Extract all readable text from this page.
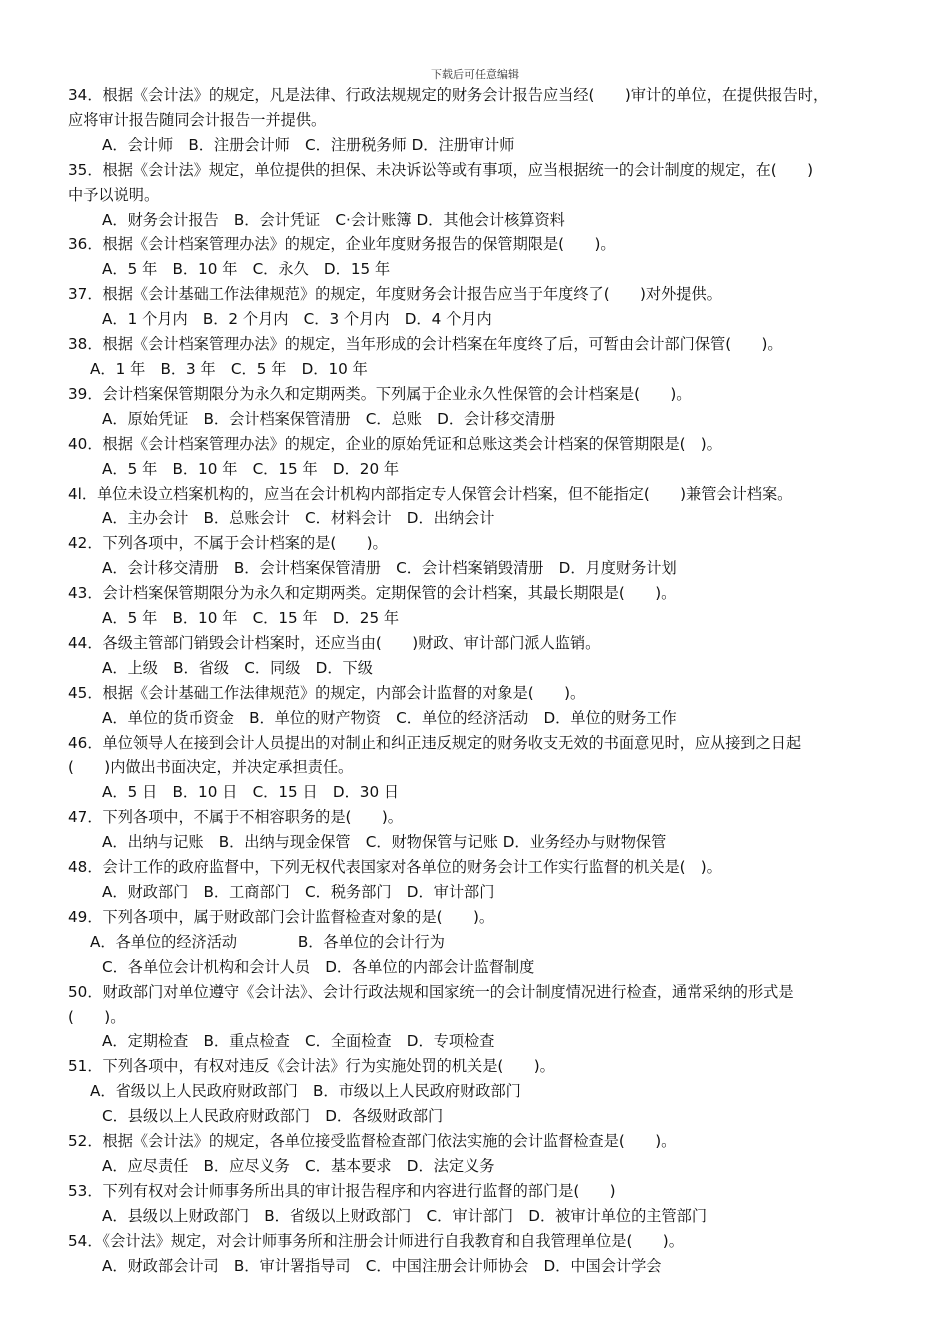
下载后可任意编辑
34．根据《会计法》的规定，凡是法律、行政法规规定的财务会计报告应当经(　　)审计的单位，在提供报告时，
应将审计报告随同会计报告一并提供。
A．会计师　B．注册会计师　C．注册税务师 D．注册审计师
35．根据《会计法》规定，单位提供的担保、未决诉讼等或有事项，应当根据统一的会计制度的规定，在(　　)
中予以说明。
A．财务会计报告　B．会计凭证　C·会计账簿 D．其他会计核算资料
36．根据《会计档案管理办法》的规定，企业年度财务报告的保管期限是(　　)。
A．5 年　B．10 年　C．永久　D．15 年
37．根据《会计基础工作法律规范》的规定，年度财务会计报告应当于年度终了(　　)对外提供。
A．1 个月内　B．2 个月内　C．3 个月内　D．4 个月内
38．根据《会计档案管理办法》的规定，当年形成的会计档案在年度终了后，可暂由会计部门保管(　　)。
A．1 年　B．3 年　C．5 年　D．10 年
39．会计档案保管期限分为永久和定期两类。下列属于企业永久性保管的会计档案是(　　)。
A．原始凭证　B．会计档案保管清册　C．总账　D．会计移交清册
40．根据《会计档案管理办法》的规定，企业的原始凭证和总账这类会计档案的保管期限是(　)。
A．5 年　B．10 年　C．15 年　D．20 年
4l．单位未设立档案机构的，应当在会计机构内部指定专人保管会计档案，但不能指定(　　)兼管会计档案。
A．主办会计　B．总账会计　C．材料会计　D．出纳会计
42．下列各项中，不属于会计档案的是(　　)。
A．会计移交清册　B．会计档案保管清册　C．会计档案销毁清册　D．月度财务计划
43．会计档案保管期限分为永久和定期两类。定期保管的会计档案，其最长期限是(　　)。
A．5 年　B．10 年　C．15 年　D．25 年
44．各级主管部门销毁会计档案时，还应当由(　　)财政、审计部门派人监销。
A．上级　B．省级　C．同级　D．下级
45．根据《会计基础工作法律规范》的规定，内部会计监督的对象是(　　)。
A．单位的货币资金　B．单位的财产物资　C．单位的经济活动　D．单位的财务工作
46．单位领导人在接到会计人员提出的对制止和纠正违反规定的财务收支无效的书面意见时，应从接到之日起
(　　)内做出书面决定，并决定承担责任。
A．5 日　B．10 日　C．15 日　D．30 日
47．下列各项中，不属于不相容职务的是(　　)。
A．出纳与记账　B．出纳与现金保管　C．财物保管与记账 D．业务经办与财物保管
48．会计工作的政府监督中，下列无权代表国家对各单位的财务会计工作实行监督的机关是(　)。
A．财政部门　B．工商部门　C．税务部门　D．审计部门
49．下列各项中，属于财政部门会计监督检查对象的是(　　)。
A．各单位的经济活动　　　　B．各单位的会计行为
C．各单位会计机构和会计人员　D．各单位的内部会计监督制度
50．财政部门对单位遵守《会计法》、会计行政法规和国家统一的会计制度情况进行检查，通常采纳的形式是
(　　)。
A．定期检查　B．重点检查　C．全面检查　D．专项检查
51．下列各项中，有权对违反《会计法》行为实施处罚的机关是(　　)。
A．省级以上人民政府财政部门　B．市级以上人民政府财政部门
C．县级以上人民政府财政部门　D．各级财政部门
52．根据《会计法》的规定，各单位接受监督检查部门依法实施的会计监督检查是(　　)。
A．应尽责任　B．应尽义务　C．基本要求　D．法定义务
53．下列有权对会计师事务所出具的审计报告程序和内容进行监督的部门是(　　)
A．县级以上财政部门　B．省级以上财政部门　C．审计部门　D．被审计单位的主管部门
54．《会计法》规定，对会计师事务所和注册会计师进行自我教育和自我管理单位是(　　)。
A．财政部会计司　B．审计署指导司　C．中国注册会计师协会　D．中国会计学会
